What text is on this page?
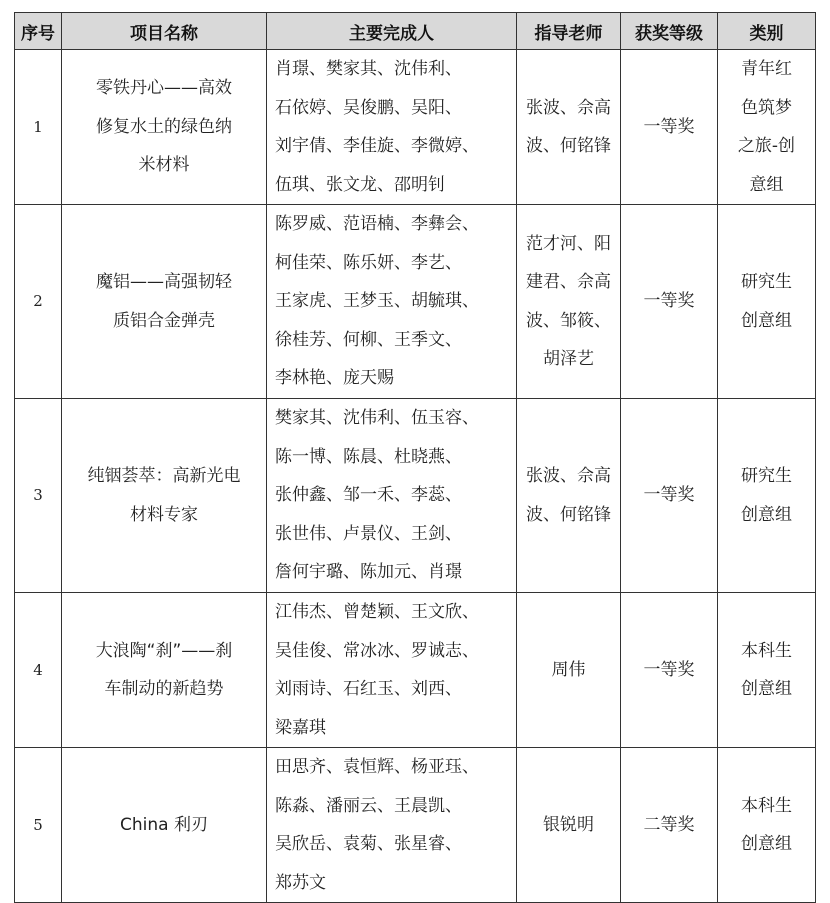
序号	项目名称	主要完成人	指导老师	获奖等级	类别
1	零铁丹心——高效
修复水土的绿色纳
米材料	肖璟、樊家其、沈伟利、
石依婷、吴俊鹏、吴阳、
刘宇倩、李佳旋、李微婷、
伍琪、张文龙、邵明钊	张波、佘高
波、何铭锋	一等奖	青年红
色筑梦
之旅-创
意组

2	魔铝——高强韧轻
质铝合金弹壳	陈罗威、范语楠、李彝会、
柯佳荣、陈乐妍、李艺、
王家虎、王梦玉、胡毓琪、
徐桂芳、何柳、王季文、
李林艳、庞天赐	范才河、阳
建君、佘高
波、邹筱、
胡泽艺	一等奖	研究生
创意组

3	纯铟荟萃：高新光电
材料专家	樊家其、沈伟利、伍玉容、
陈一博、陈晨、杜晓燕、
张仲鑫、邹一禾、李蕊、
张世伟、卢景仪、王剑、
詹何宇璐、陈加元、肖璟	张波、佘高
波、何铭锋	一等奖	研究生
创意组

4	大浪陶“刹”——刹
车制动的新趋势	江伟杰、曾楚颖、王文欣、
吴佳俊、常冰冰、罗诚志、
刘雨诗、石红玉、刘西、
梁嘉琪	周伟	一等奖	本科生
创意组

5	China 利刃	田思齐、袁恒辉、杨亚珏、
陈淼、潘丽云、王晨凯、
吴欣岳、袁菊、张星睿、
郑苏文	银锐明	二等奖	本科生
创意组
